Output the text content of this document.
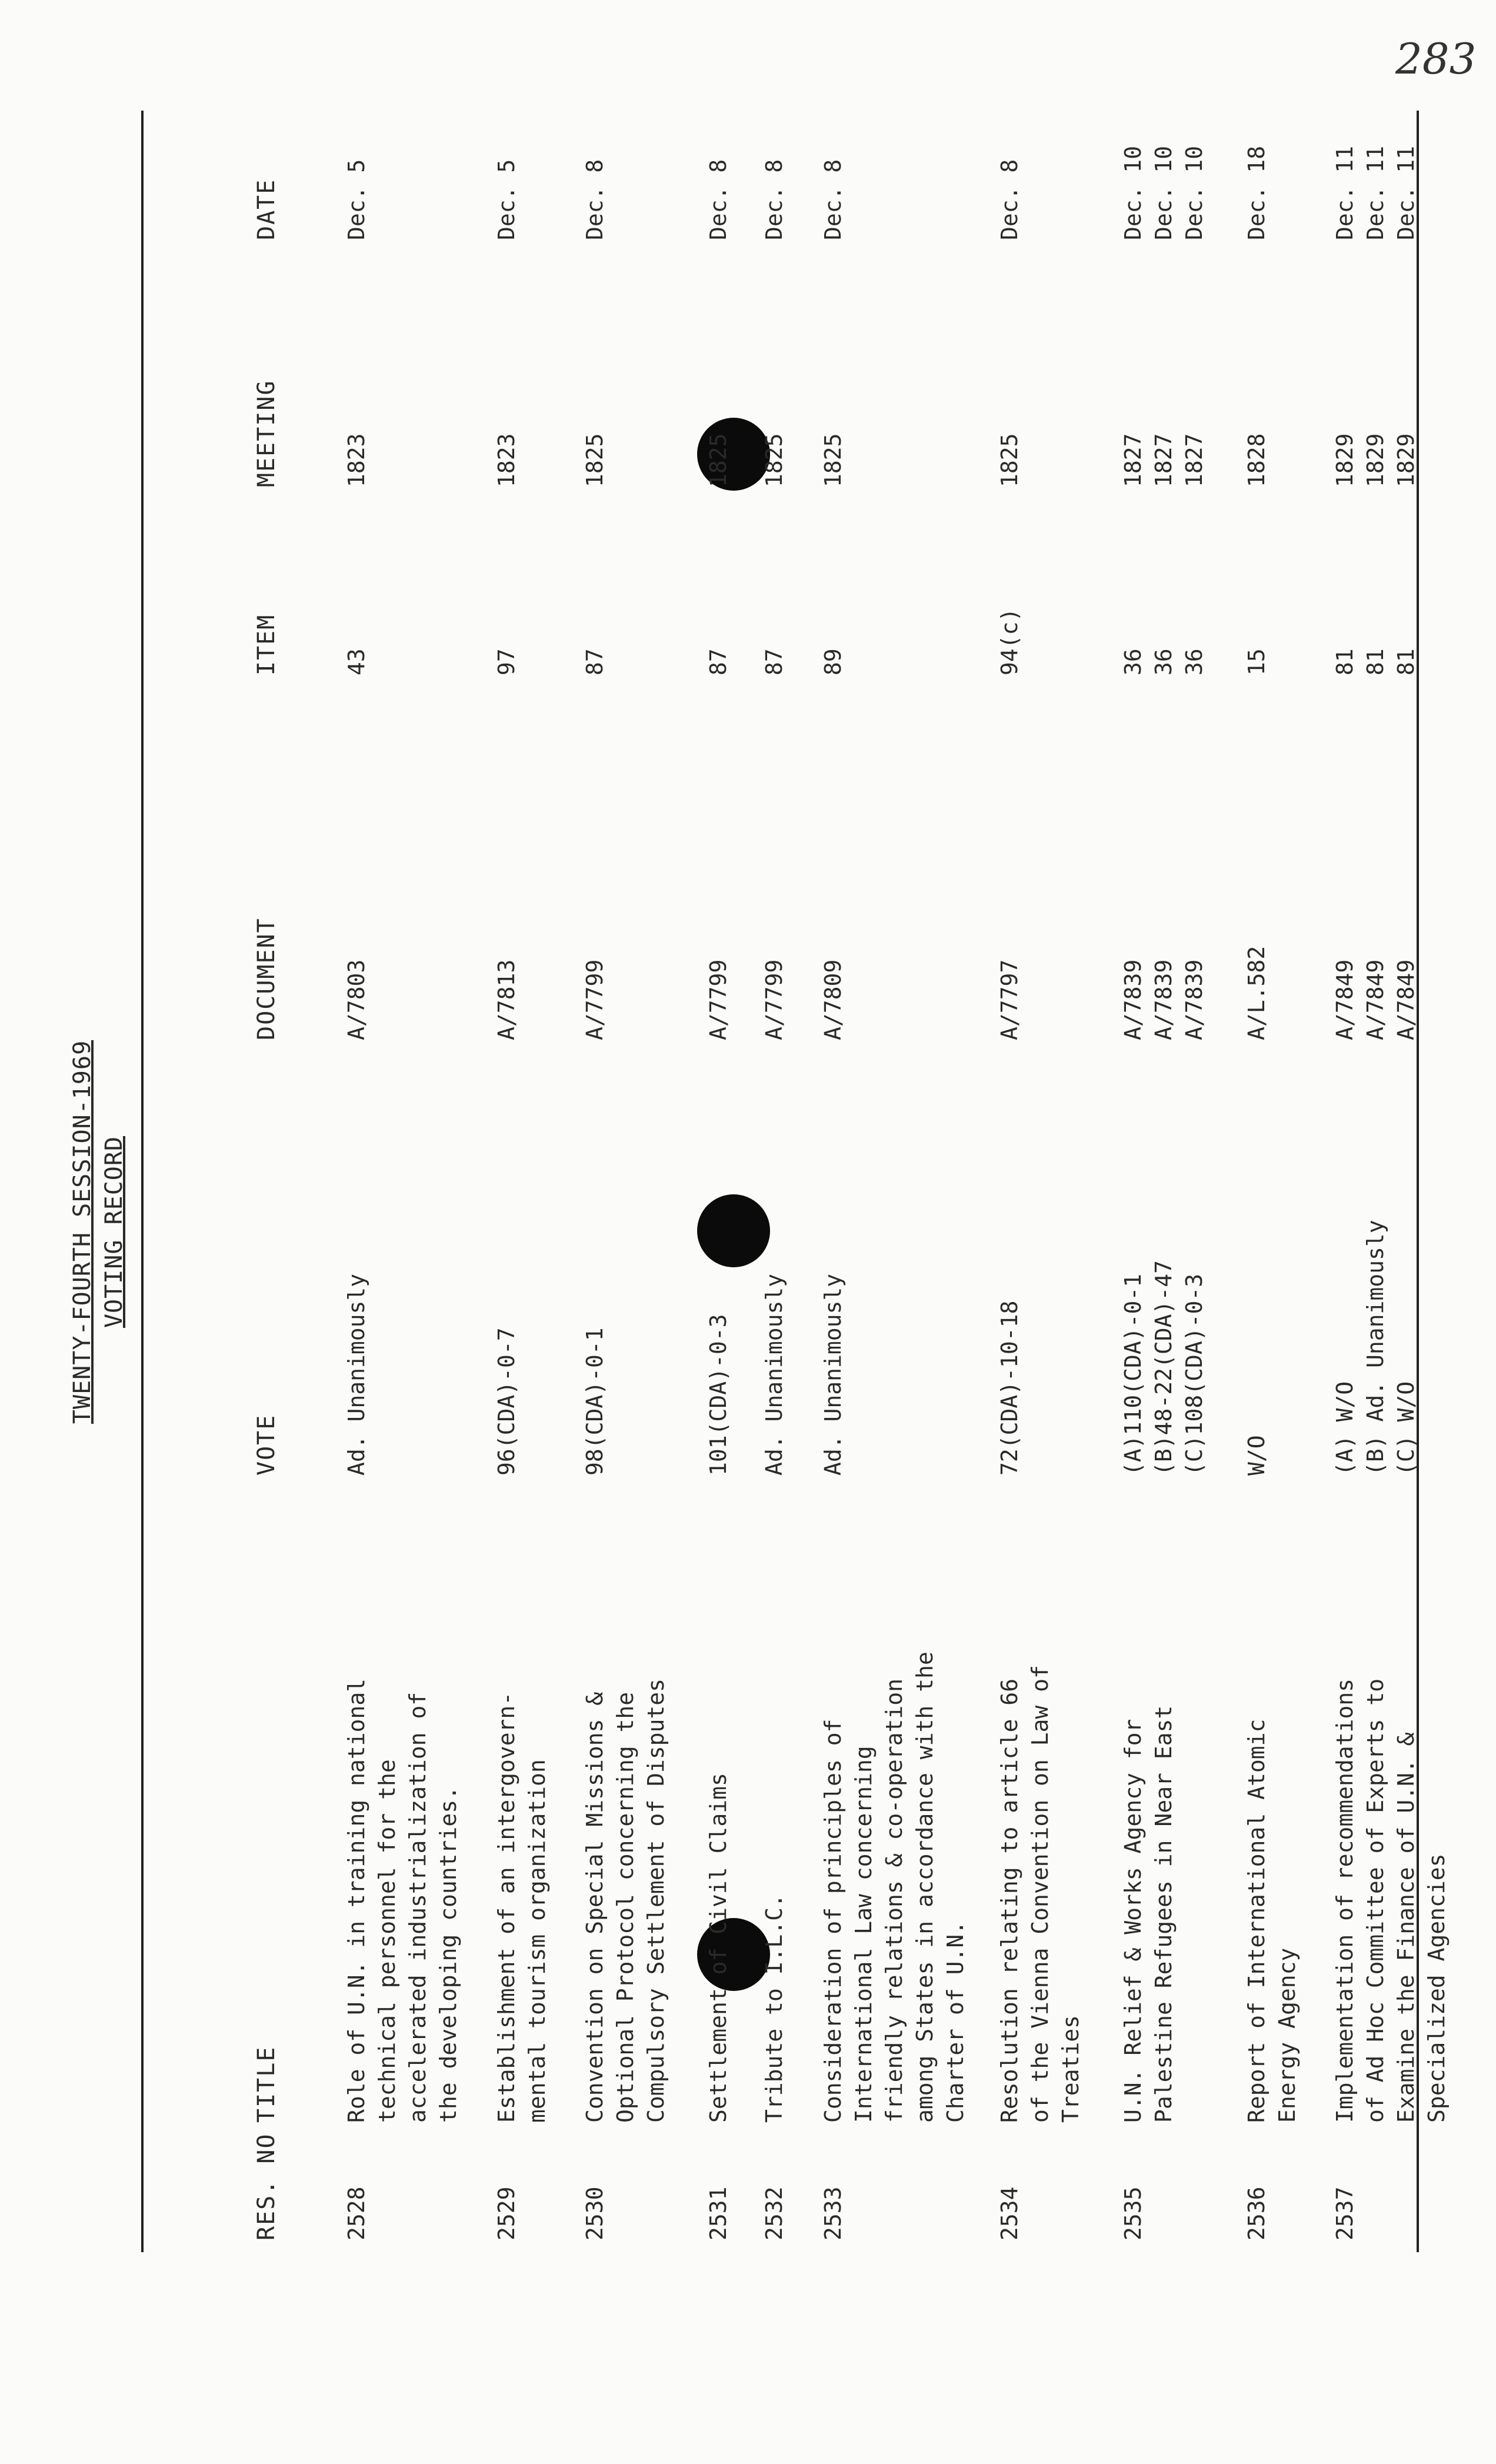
283
TWENTY-FOURTH SESSION-1969 VOTING RECORD
RES. NO
TITLE
VOTE
DOCUMENT
ITEM
MEETING
DATE
2528
Role of U.N. in training national
technical personnel for the
accelerated industrialization of
the developing countries.
Ad. Unanimously
A/7803
43
1823
Dec. 5
2529
Establishment of an intergovern-
mental tourism organization
96(CDA)-0-7
A/7813
97
1823
Dec. 5
2530
Convention on Special Missions &
Optional Protocol concerning the
Compulsory Settlement of Disputes
98(CDA)-0-1
A/7799
87
1825
Dec. 8
2531
Settlement of Civil Claims
101(CDA)-0-3
A/7799
87
1825
Dec. 8
2532
Tribute to I.L.C.
Ad. Unanimously
A/7799
87
1825
Dec. 8
2533
Consideration of principles of
International Law concerning
friendly relations & co-operation
among States in accordance with the
Charter of U.N.
Ad. Unanimously
A/7809
89
1825
Dec. 8
2534
Resolution relating to article 66
of the Vienna Convention on Law of
Treaties
72(CDA)-10-18
A/7797
94(c)
1825
Dec. 8
2535
U.N. Relief & Works Agency for
Palestine Refugees in Near East
(A)110(CDA)-0-1
(B)48-22(CDA)-47
(C)108(CDA)-0-3
A/7839
A/7839
A/7839
36
36
36
1827
1827
1827
Dec. 10
Dec. 10
Dec. 10
2536
Report of International Atomic
Energy Agency
W/O
A/L.582
15
1828
Dec. 18
2537
Implementation of recommendations
of Ad Hoc Committee of Experts to
Examine the Finance of U.N. &
Specialized Agencies
(A) W/O
(B) Ad. Unanimously
(C) W/O
A/7849
A/7849
A/7849
81
81
81
1829
1829
1829
Dec. 11
Dec. 11
Dec. 11
